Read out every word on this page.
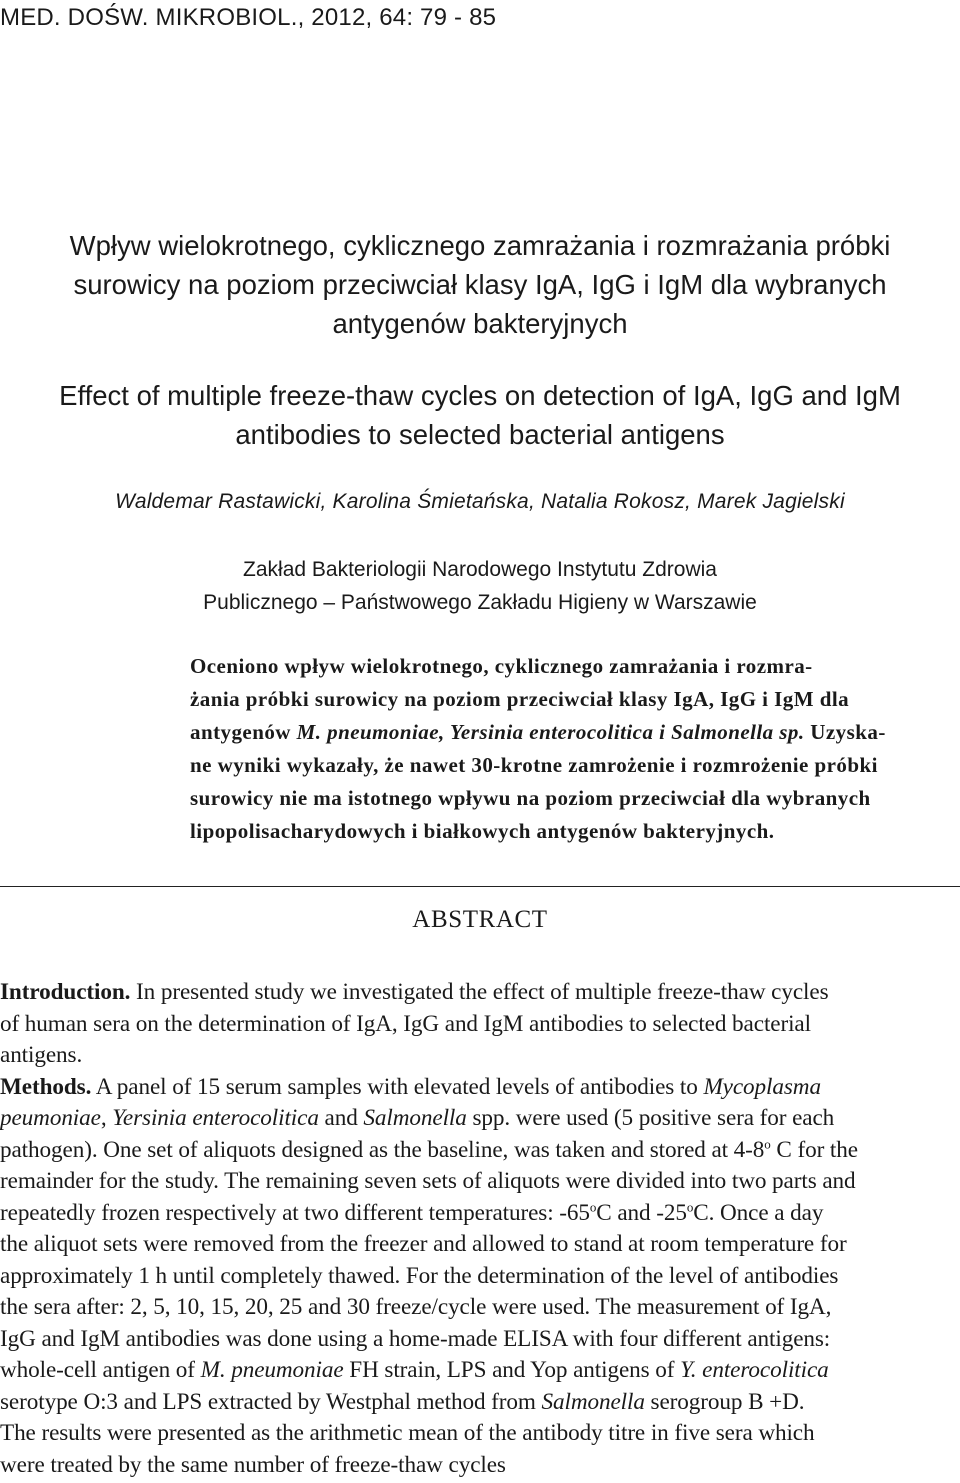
MED. DOŚW. MIKROBIOL., 2012, 64: 79 - 85
Wpływ wielokrotnego, cyklicznego zamrażania i rozmrażania próbki
surowicy na poziom przeciwciał klasy IgA, IgG i IgM dla wybranych
antygenów bakteryjnych
Effect of multiple freeze-thaw cycles on detection of IgA, IgG and IgM
antibodies to selected bacterial antigens
Waldemar Rastawicki, Karolina Śmietańska, Natalia Rokosz, Marek Jagielski
Zakład Bakteriologii Narodowego Instytutu Zdrowia
Publicznego – Państwowego Zakładu Higieny w Warszawie
Oceniono wpływ wielokrotnego, cyklicznego zamrażania i rozmra-
żania próbki surowicy na poziom przeciwciał klasy IgA, IgG i IgM dla
antygenów M. pneumoniae, Yersinia enterocolitica i Salmonella sp. Uzyska-
ne wyniki wykazały, że nawet 30-krotne zamrożenie i rozmrożenie próbki
surowicy nie ma istotnego wpływu na poziom przeciwciał dla wybranych
lipopolisacharydowych i białkowych antygenów bakteryjnych.
ABSTRACT
Introduction. In presented study we investigated the effect of multiple freeze-thaw cycles
of human sera on the determination of IgA, IgG and IgM antibodies to selected bacterial
antigens.
Methods. A panel of 15 serum samples with elevated levels of antibodies to Mycoplasma
peumoniae, Yersinia enterocolitica and Salmonella spp. were used (5 positive sera for each
pathogen). One set of aliquots designed as the baseline, was taken and stored at 4-8$^o$ C for the
remainder for the study. The remaining seven sets of aliquots were divided into two parts and
repeatedly frozen respectively at two different temperatures: -65$^o$C and -25$^o$C. Once a day
the aliquot sets were removed from the freezer and allowed to stand at room temperature for
approximately 1 h until completely thawed. For the determination of the level of antibodies
the sera after: 2, 5, 10, 15, 20, 25 and 30 freeze/cycle were used. The measurement of IgA,
IgG and IgM antibodies was done using a home-made ELISA with four different antigens:
whole-cell antigen of M. pneumoniae FH strain, LPS and Yop antigens of Y. enterocolitica
serotype O:3 and LPS extracted by Westphal method from Salmonella serogroup B +D.
The results were presented as the arithmetic mean of the antibody titre in five sera which
were treated by the same number of freeze-thaw cycles
